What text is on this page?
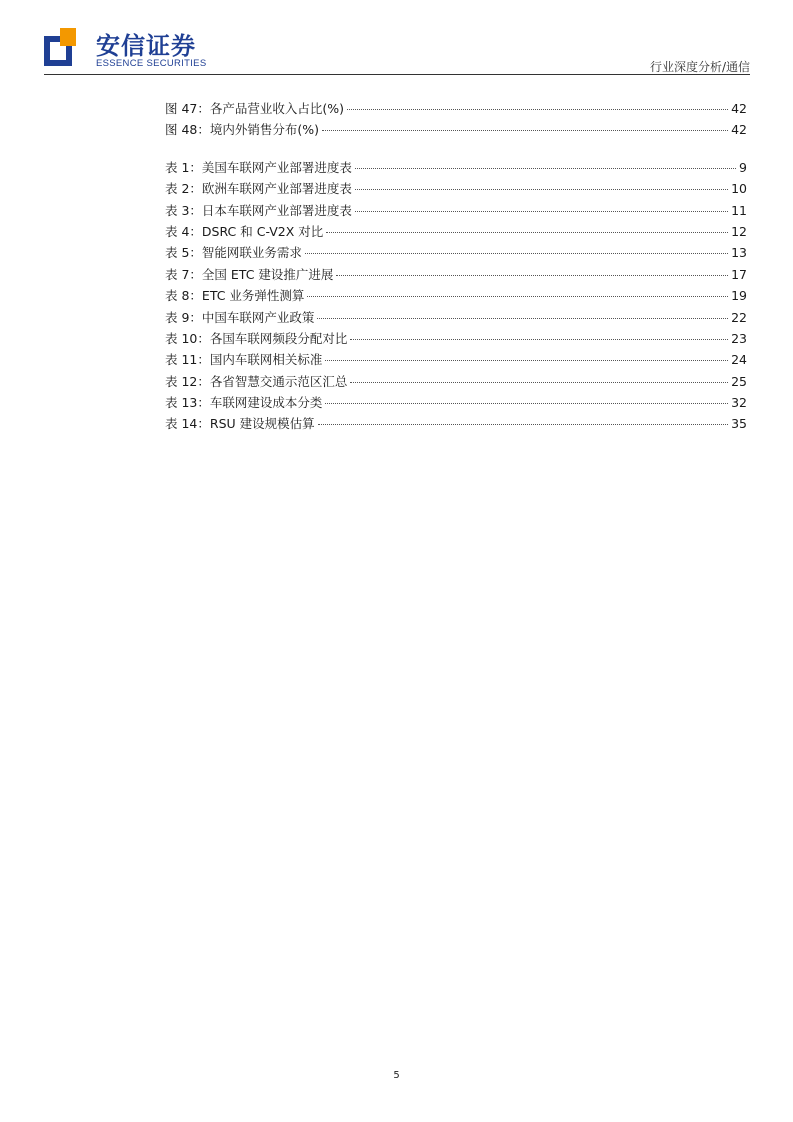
安信证券
ESSENCE SECURITIES	行业深度分析/通信
图 47：各产品营业收入占比(%)	42
图 48：境内外销售分布(%)	42
表 1：美国车联网产业部署进度表	9
表 2：欧洲车联网产业部署进度表	10
表 3：日本车联网产业部署进度表	11
表 4：DSRC 和 C-V2X 对比	12
表 5：智能网联业务需求	13
表 7：全国 ETC 建设推广进展	17
表 8：ETC 业务弹性测算	19
表 9：中国车联网产业政策	22
表 10：各国车联网频段分配对比	23
表 11：国内车联网相关标准	24
表 12：各省智慧交通示范区汇总	25
表 13：车联网建设成本分类	32
表 14：RSU 建设规模估算	35
5
